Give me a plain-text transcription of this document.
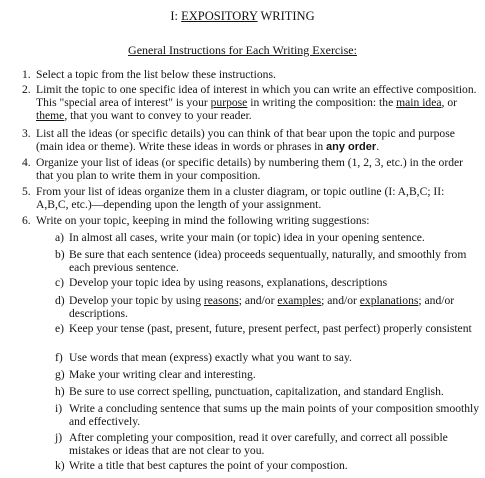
I: EXPOSITORY WRITING
General Instructions for Each Writing Exercise:
1. Select a topic from the list below these instructions.
2. Limit the topic to one specific idea of interest in which you can write an effective composition. This "special area of interest" is your purpose in writing the composition: the main idea, or theme, that you want to convey to your reader.
3. List all the ideas (or specific details) you can think of that bear upon the topic and purpose (main idea or theme). Write these ideas in words or phrases in any order.
4. Organize your list of ideas (or specific details) by numbering them (1, 2, 3, etc.) in the order that you plan to write them in your composition.
5. From your list of ideas organize them in a cluster diagram, or topic outline (I: A,B,C; II: A,B,C, etc.)—depending upon the length of your assignment.
6. Write on your topic, keeping in mind the following writing suggestions:
a) In almost all cases, write your main (or topic) idea in your opening sentence.
b) Be sure that each sentence (idea) proceeds sequentually, naturally, and smoothly from each previous sentence.
c) Develop your topic idea by using reasons, explanations, descriptions
d) Develop your topic by using reasons; and/or examples; and/or explanations; and/or descriptions.
e) Keep your tense (past, present, future, present perfect, past perfect) properly consistent
f) Use words that mean (express) exactly what you want to say.
g) Make your writing clear and interesting.
h) Be sure to use correct spelling, punctuation, capitalization, and standard English.
i) Write a concluding sentence that sums up the main points of your composition smoothly and effectively.
j) After completing your composition, read it over carefully, and correct all possible mistakes or ideas that are not clear to you.
k) Write a title that best captures the point of your compostion.
